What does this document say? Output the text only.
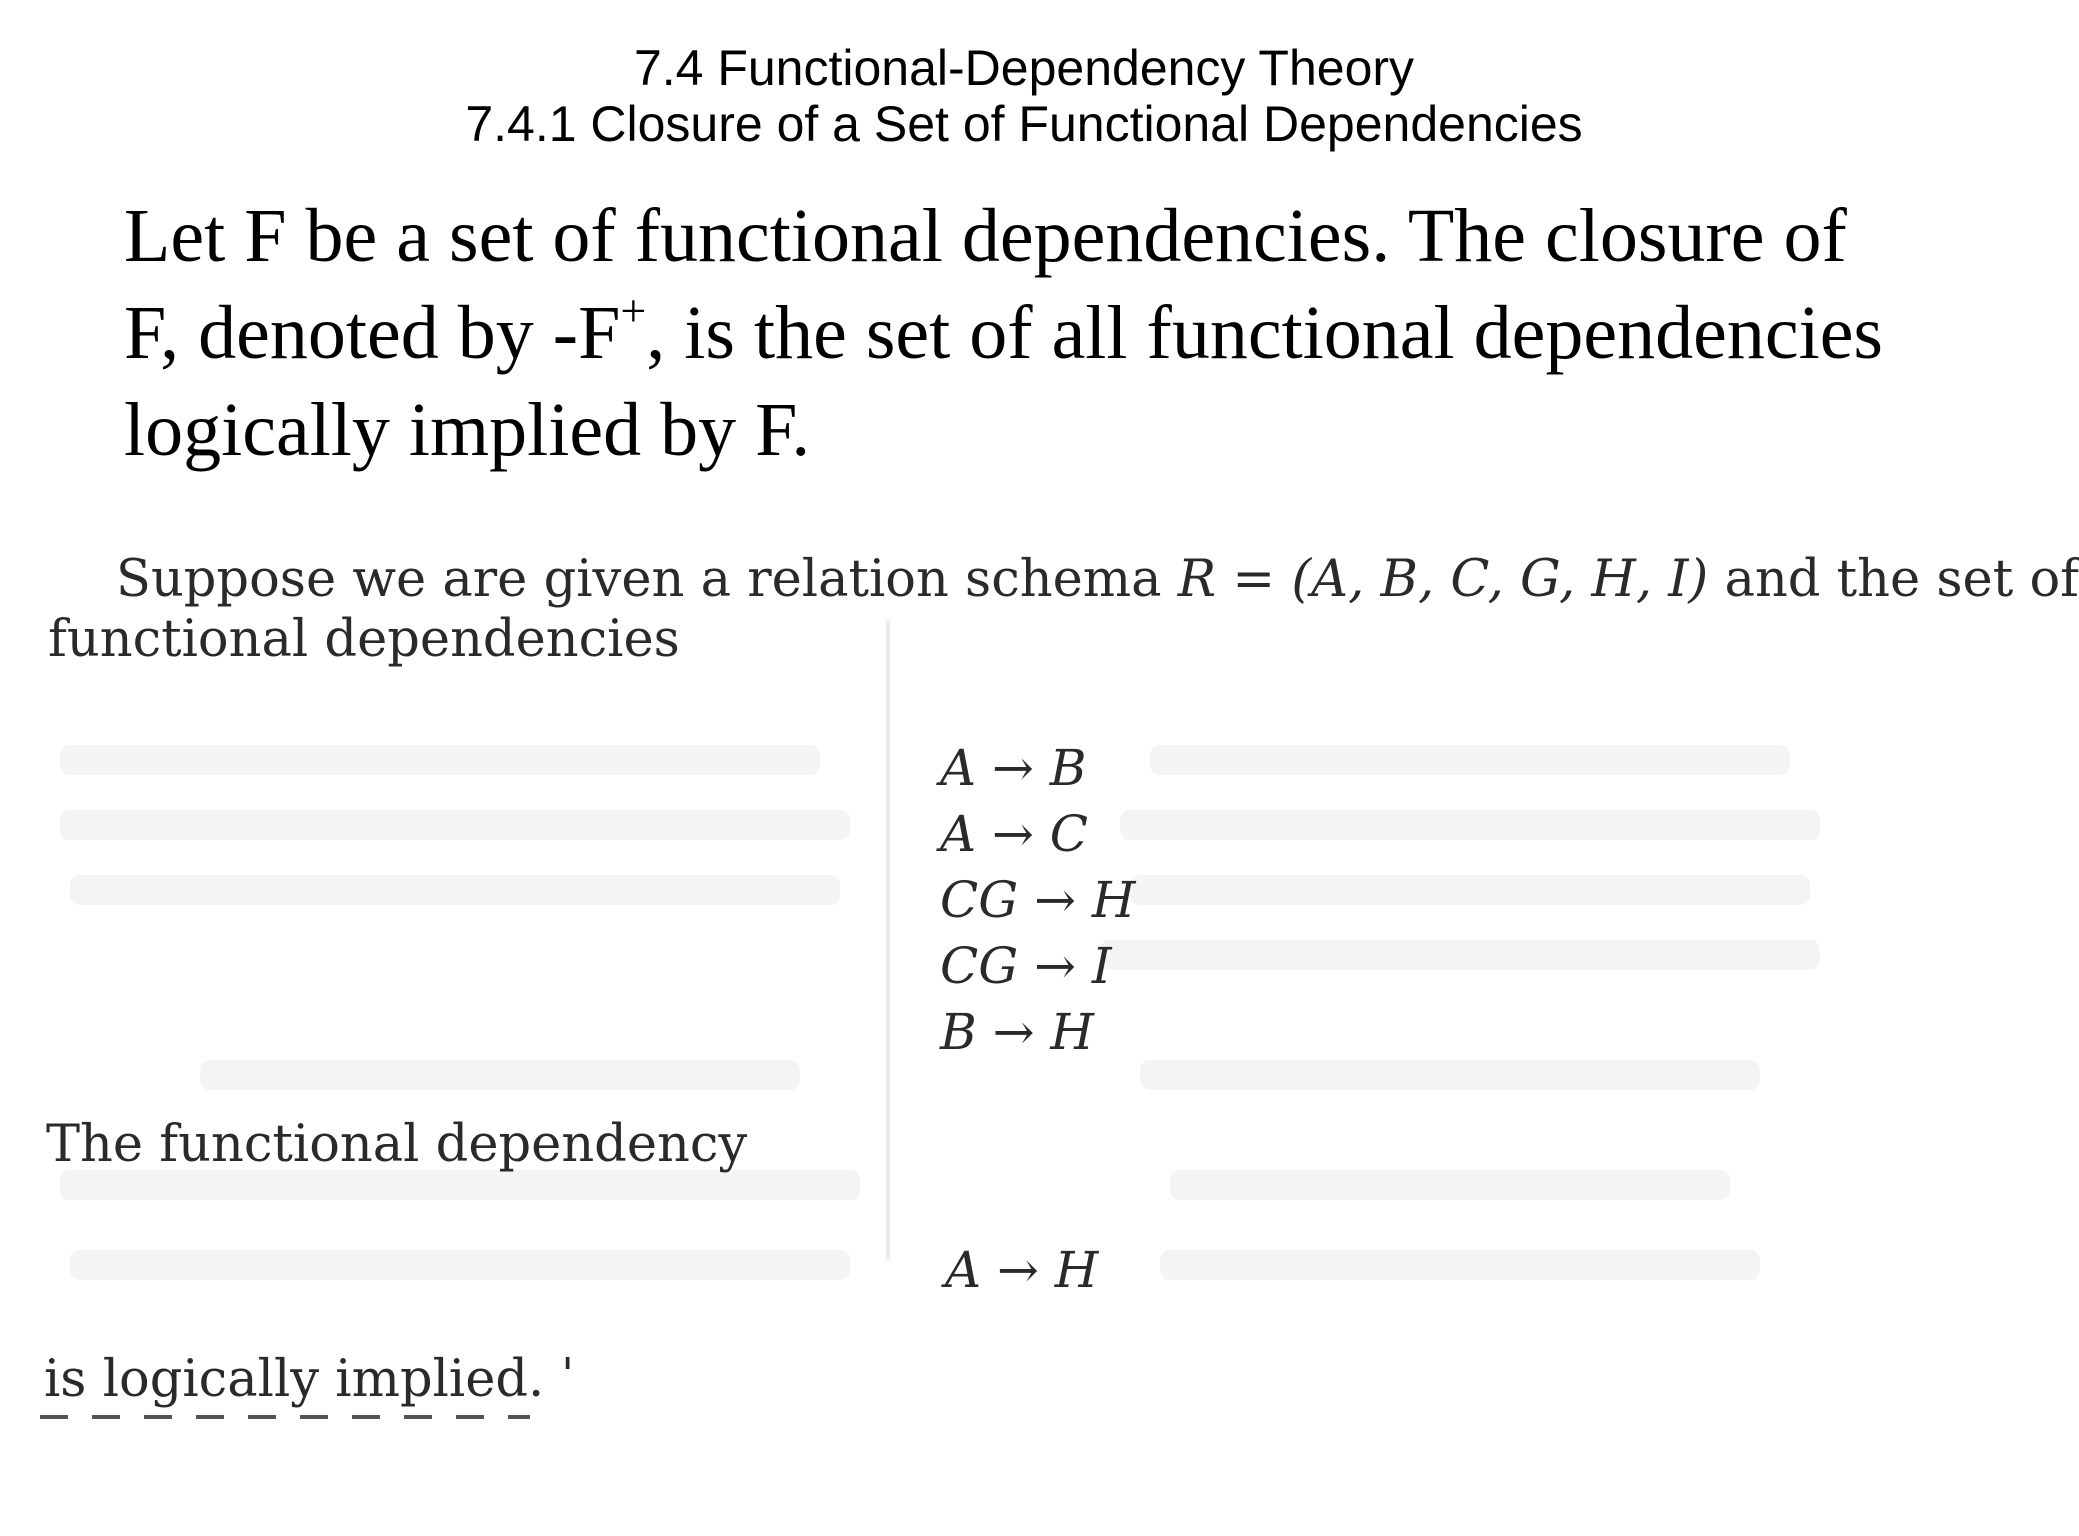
7.4 Functional-Dependency Theory
7.4.1 Closure of a Set of Functional Dependencies
Let F be a set of functional dependencies. The closure of
F, denoted by -F+, is the set of all functional dependencies
logically implied by F.
Suppose we are given a relation schema R = (A, B, C, G, H, I) and the set of
functional dependencies
A → B
A → C
CG → H
CG → I
B → H
The functional dependency
A → H
is logically implied. ˈ
